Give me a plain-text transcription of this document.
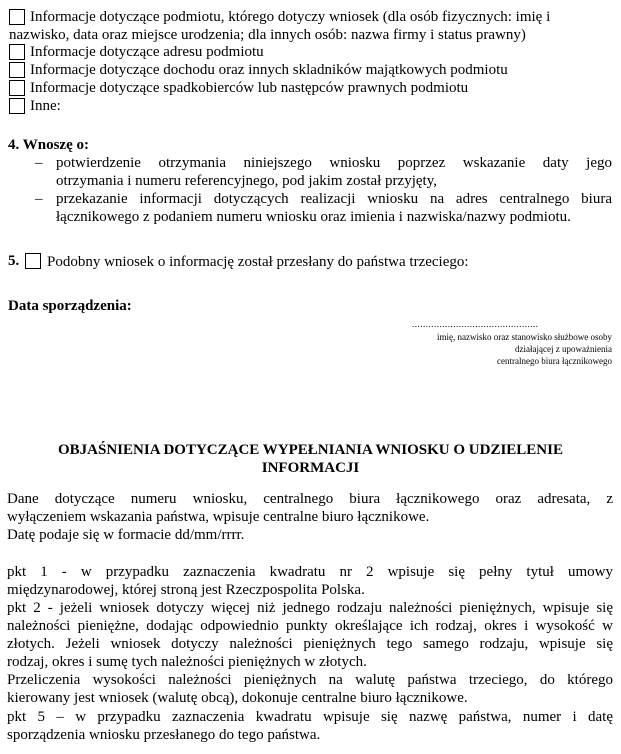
Informacje dotyczące podmiotu, którego dotyczy wniosek (dla osób fizycznych: imię i
nazwisko, data oraz miejsce urodzenia; dla innych osób: nazwa firmy i status prawny)
Informacje dotyczące adresu podmiotu
Informacje dotyczące dochodu oraz innych skladników majątkowych podmiotu
Informacje dotyczące spadkobierców lub następców prawnych podmiotu
Inne:
4. Wnoszę o:
– potwierdzenie otrzymania niniejszego wniosku poprzez wskazanie daty jego
otrzymania i numeru referencyjnego, pod jakim został przyjęty,
– przekazanie informacji dotyczących realizacji wniosku na adres centralnego biura
łącznikowego z podaniem numeru wniosku oraz imienia i nazwiska/nazwy podmiotu.
5. Podobny wniosek o informację został przesłany do państwa trzeciego:
Data sporządzenia:
..............................................
imię, nazwisko oraz stanowisko służbowe osoby
działającej z upoważnienia
centralnego biura łącznikowego
OBJAŚNIENIA DOTYCZĄCE WYPEŁNIANIA WNIOSKU O UDZIELENIE
INFORMACJI
Dane dotyczące numeru wniosku, centralnego biura łącznikowego oraz adresata, z
wyłączeniem wskazania państwa, wpisuje centralne biuro łącznikowe.
Datę podaje się w formacie dd/mm/rrrr.
pkt 1 - w przypadku zaznaczenia kwadratu nr 2 wpisuje się pełny tytuł umowy
międzynarodowej, której stroną jest Rzeczpospolita Polska.
pkt 2 - jeżeli wniosek dotyczy więcej niż jednego rodzaju należności pieniężnych, wpisuje się
należności pieniężne, dodając odpowiednio punkty określające ich rodzaj, okres i wysokość w
złotych. Jeżeli wniosek dotyczy należności pieniężnych tego samego rodzaju, wpisuje się
rodzaj, okres i sumę tych należności pieniężnych w złotych.
Przeliczenia wysokości należności pieniężnych na walutę państwa trzeciego, do którego
kierowany jest wniosek (walutę obcą), dokonuje centralne biuro łącznikowe.
pkt 5 – w przypadku zaznaczenia kwadratu wpisuje się nazwę państwa, numer i datę
sporządzenia wniosku przesłanego do tego państwa.
